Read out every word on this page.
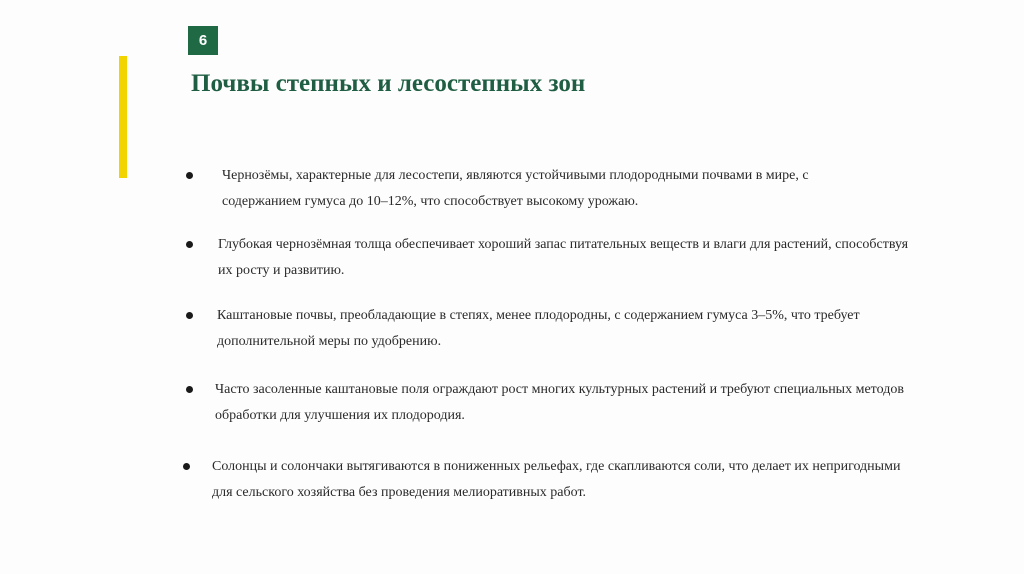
6
Почвы степных и лесостепных зон
Чернозёмы, характерные для лесостепи, являются устойчивыми плодородными почвами в мире, с содержанием гумуса до 10–12%, что способствует высокому урожаю.
Глубокая чернозёмная толща обеспечивает хороший запас питательных веществ и влаги для растений, способствуя их росту и развитию.
Каштановые почвы, преобладающие в степях, менее плодородны, с содержанием гумуса 3–5%, что требует дополнительной меры по удобрению.
Часто засоленные каштановые поля ограждают рост многих культурных растений и требуют специальных методов обработки для улучшения их плодородия.
Солонцы и солончаки вытягиваются в пониженных рельефах, где скапливаются соли, что делает их непригодными для сельского хозяйства без проведения мелиоративных работ.
